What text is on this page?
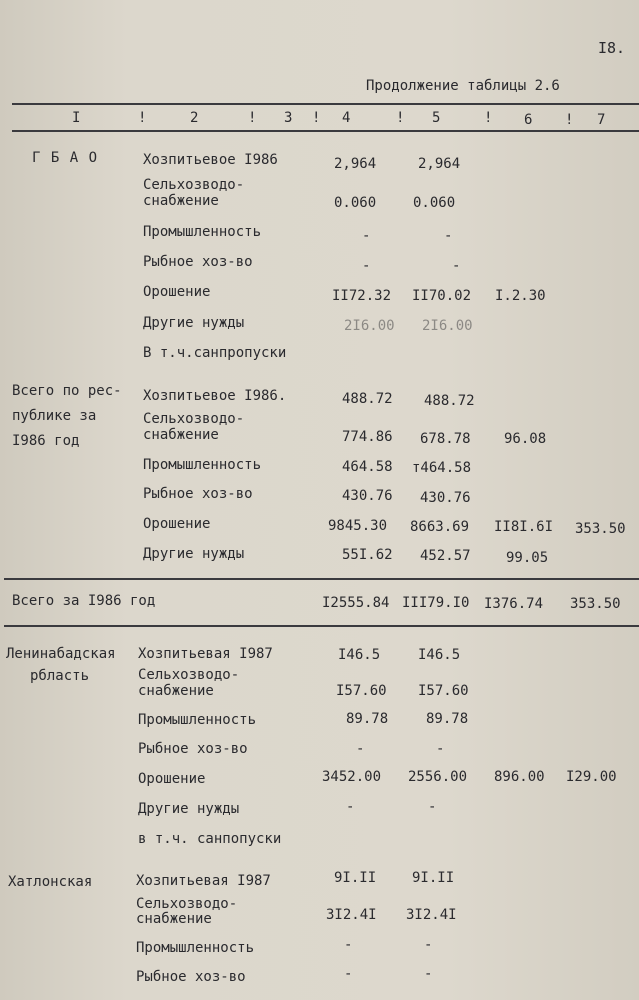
I8.
Продолжение таблицы 2.6
I	!	2	! 3 ! 4	! 5	! 6 ! 7
Г Б А О	Хозпитьевое I986	2,964	2,964
Сельхозводо-
снабжение	0.060	0.060
Промышленность	-	-
Рыбное хоз-во	-	-
Орошение	II72.32 II70.02 I.2.30
Другие нужды	2I6.00 2I6.00
В т.ч.санпропуски
Всего по рес-
публике за
I986 год
Хозпитьевое I986.	488.72 488.72
Сельхозводо-
снабжение	774.86 678.78 96.08
Промышленность	464.58 т464.58
Рыбное хоз-во	430.76 430.76
Орошение	9845.30 8663.69 II8I.6I 353.50
Другие нужды	55I.62 452.57	99.05
Всего за I986 год	I2555.84 III79.I0 I376.74 353.50
Ленинабадская
рбласть
Хозпитьевая I987	I46.5	I46.5
Сельхозводо-
снабжение	I57.60 I57.60
Промышленность	89.78	89.78
Рыбное хоз-во	-	-
Орошение	3452.00 2556.00 896.00 I29.00
Другие нужды	-	-
в т.ч. санпопуски
Хатлонская	Хозпитьевая I987	9I.II	9I.II
Сельхозводо-
снабжение	3I2.4I 3I2.4I
Промышленность	-	-
Рыбное хоз-во	-	-
